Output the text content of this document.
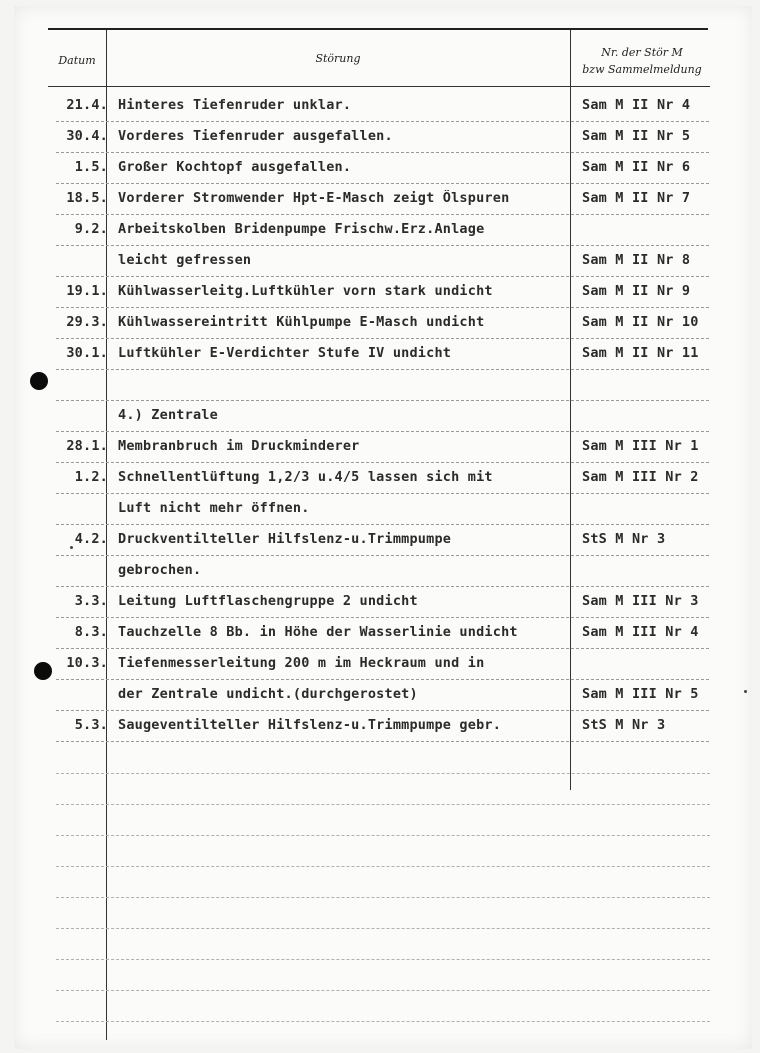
Datum	Störung	Nr. der Stör M
bzw Sammelmeldung
21.4. Hinteres Tiefenruder unklar.	Sam M II Nr 4
30.4. Vorderes Tiefenruder ausgefallen.	Sam M II Nr 5
1.5. Großer Kochtopf ausgefallen.	Sam M II Nr 6
18.5. Vorderer Stromwender Hpt-E-Masch zeigt Ölspuren	Sam M II Nr 7
9.2. Arbeitskolben Bridenpumpe Frischw.Erz.Anlage
leicht gefressen	Sam M II Nr 8
19.1. Kühlwasserleitg.Luftkühler vorn stark undicht	Sam M II Nr 9
29.3. Kühlwassereintritt Kühlpumpe E-Masch undicht	Sam M II Nr 10
30.1. Luftkühler E-Verdichter Stufe IV undicht	Sam M II Nr 11
4.) Zentrale
28.1. Membranbruch im Druckminderer	Sam M III Nr 1
1.2. Schnellentlüftung 1,2/3 u.4/5 lassen sich mit	Sam M III Nr 2
Luft nicht mehr öffnen.
4.2. Druckventilteller Hilfslenz-u.Trimmpumpe	StS M Nr 3
gebrochen.
3.3. Leitung Luftflaschengruppe 2 undicht	Sam M III Nr 3
8.3. Tauchzelle 8 Bb. in Höhe der Wasserlinie undicht	Sam M III Nr 4
10.3. Tiefenmesserleitung 200 m im Heckraum und in
der Zentrale undicht.(durchgerostet)	Sam M III Nr 5
5.3. Saugeventilteller Hilfslenz-u.Trimmpumpe gebr.	StS M Nr 3
